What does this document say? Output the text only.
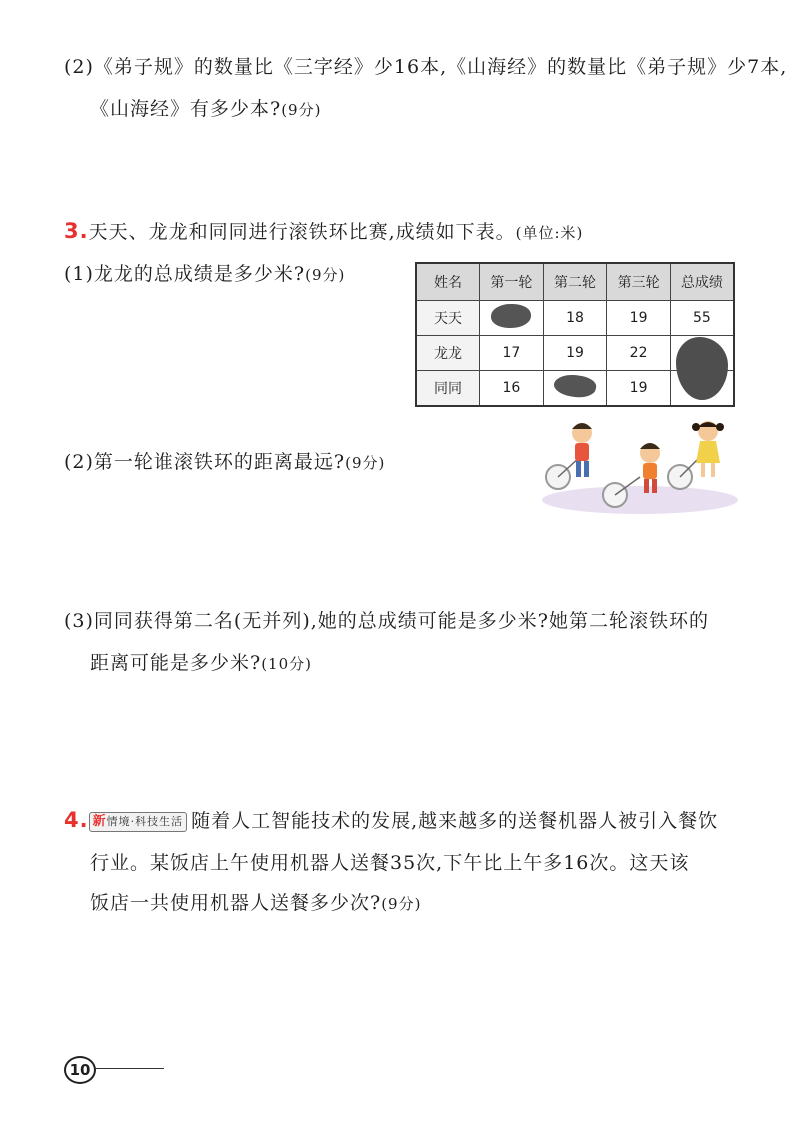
(2)《弟子规》的数量比《三字经》少16本,《山海经》的数量比《弟子规》少7本,
《山海经》有多少本?(9分)
3.天天、龙龙和同同进行滚铁环比赛,成绩如下表。(单位:米)
(1)龙龙的总成绩是多少米?(9分)	姓名	第一轮	第二轮	第三轮	总成绩
天天		18	19	55
龙龙	17	19	22	
同同	16		19	
(2)第一轮谁滚铁环的距离最远?(9分)
(3)同同获得第二名(无并列),她的总成绩可能是多少米?她第二轮滚铁环的
距离可能是多少米?(10分)
4. 新情境·科技生活 随着人工智能技术的发展,越来越多的送餐机器人被引入餐饮
行业。某饭店上午使用机器人送餐35次,下午比上午多16次。这天该
饭店一共使用机器人送餐多少次?(9分)
10
